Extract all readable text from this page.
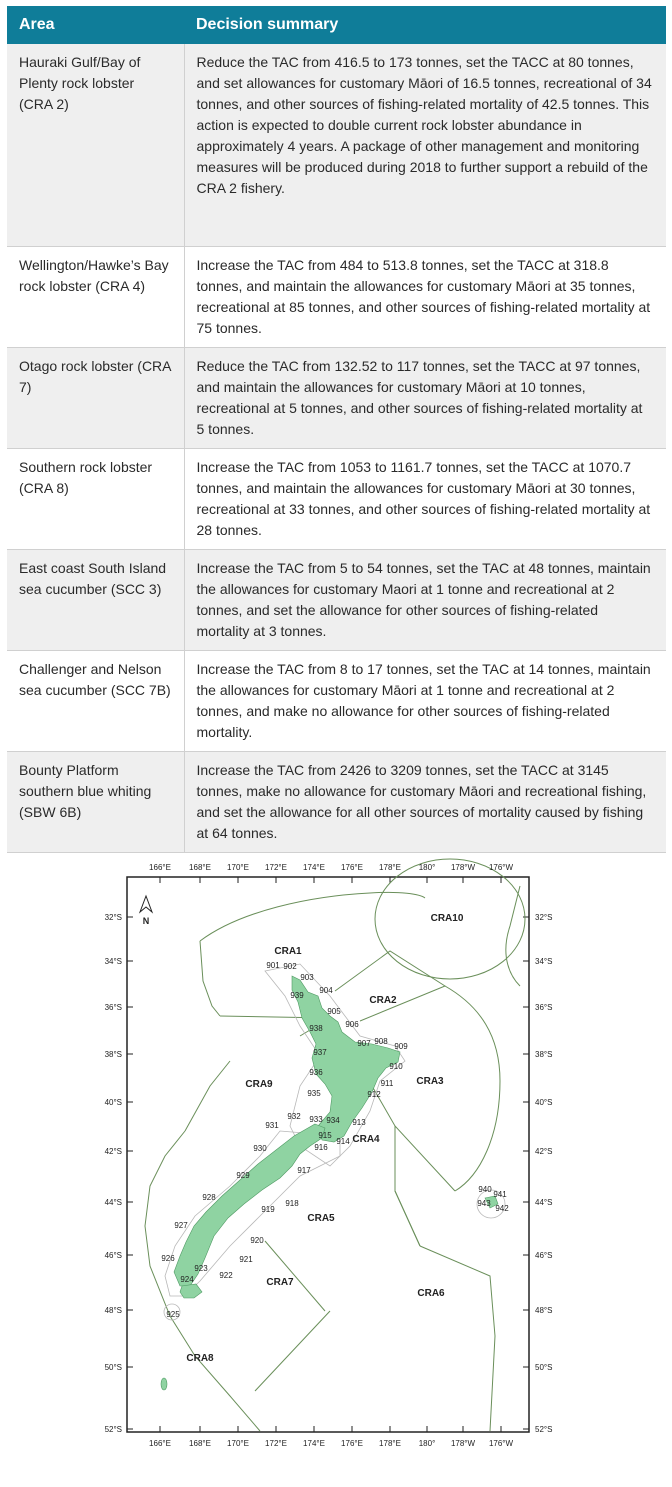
Area	Decision summary
Hauraki Gulf/Bay of Plenty rock lobster (CRA 2)	Reduce the TAC from 416.5 to 173 tonnes, set the TACC at 80 tonnes, and set allowances for customary Māori of 16.5 tonnes, recreational of 34 tonnes, and other sources of fishing-related mortality of 42.5 tonnes. This action is expected to double current rock lobster abundance in approximately 4 years. A package of other management and monitoring measures will be produced during 2018 to further support a rebuild of the CRA 2 fishery.
Wellington/Hawke’s Bay rock lobster (CRA 4)	Increase the TAC from 484 to 513.8 tonnes, set the TACC at 318.8 tonnes, and maintain the allowances for customary Māori at 35 tonnes, recreational at 85 tonnes, and other sources of fishing-related mortality at 75 tonnes.
Otago rock lobster (CRA 7)	Reduce the TAC from 132.52 to 117 tonnes, set the TACC at 97 tonnes, and maintain the allowances for customary Māori at 10 tonnes, recreational at 5 tonnes, and other sources of fishing-related mortality at 5 tonnes.
Southern rock lobster (CRA 8)	Increase the TAC from 1053 to 1161.7 tonnes, set the TACC at 1070.7 tonnes, and maintain the allowances for customary Māori at 30 tonnes, recreational at 33 tonnes, and other sources of fishing-related mortality at 28 tonnes.
East coast South Island sea cucumber (SCC 3)	Increase the TAC from 5 to 54 tonnes, set the TAC at 48 tonnes, maintain the allowances for customary Maori at 1 tonne and recreational at 2 tonnes, and set the allowance for other sources of fishing-related mortality at 3 tonnes.
Challenger and Nelson sea cucumber (SCC 7B)	Increase the TAC from 8 to 17 tonnes, set the TAC at 14 tonnes, maintain the allowances for customary Māori at 1 tonne and recreational at 2 tonnes, and make no allowance for other sources of fishing-related mortality.
Bounty Platform southern blue whiting (SBW 6B)	Increase the TAC from 2426 to 3209 tonnes, set the TACC at 3145 tonnes, make no allowance for customary Māori and recreational fishing, and set the allowance for all other sources of mortality caused by fishing at 64 tonnes.
N
166°E 168°E 170°E 172°E 174°E 176°E 178°E 180° 178°W 176°W
166°E 168°E 170°E 172°E 174°E 176°E 178°E 180° 178°W 176°W
32°S
34°S
36°S
38°S
40°S
42°S
44°S
46°S
48°S
50°S
52°S
32°S
34°S
36°S
38°S
40°S
42°S
44°S
46°S
48°S
50°S
52°S
CRA1
CRA2
CRA3
CRA4
CRA5
CRA6
CRA7
CRA8
CRA9
CRA10
901 902
903
904
939
905
938	906
907 908
909
937
910
936
911
912
935
931
932 933 934 913
915
914
916
930
917
929
918
928
919
927
920
926	921
923
922
924
925
940
941
943
942
